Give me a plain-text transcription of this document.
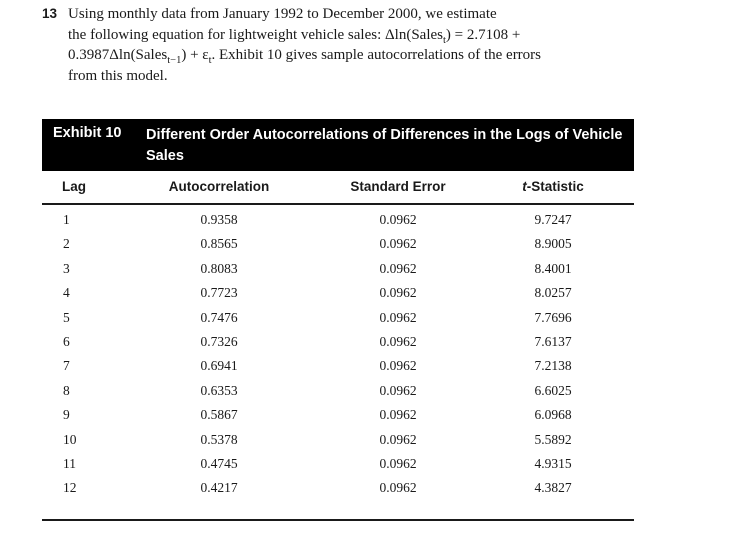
13 Using monthly data from January 1992 to December 2000, we estimate
the following equation for lightweight vehicle sales: Δln(Sales$_t$) = 2.7108 +
0.3987Δln(Sales$_{t-1}$) + $\varepsilon_t$. Exhibit 10 gives sample autocorrelations of the errors
from this model.
Exhibit 10 Different Order Autocorrelations of Differences in the Logs of Vehicle Sales
Lag	Autocorrelation	Standard Error	t-Statistic
1	0.9358	0.0962	9.7247
2	0.8565	0.0962	8.9005
3	0.8083	0.0962	8.4001
4	0.7723	0.0962	8.0257
5	0.7476	0.0962	7.7696
6	0.7326	0.0962	7.6137
7	0.6941	0.0962	7.2138
8	0.6353	0.0962	6.6025
9	0.5867	0.0962	6.0968
10	0.5378	0.0962	5.5892
11	0.4745	0.0962	4.9315
12	0.4217	0.0962	4.3827
